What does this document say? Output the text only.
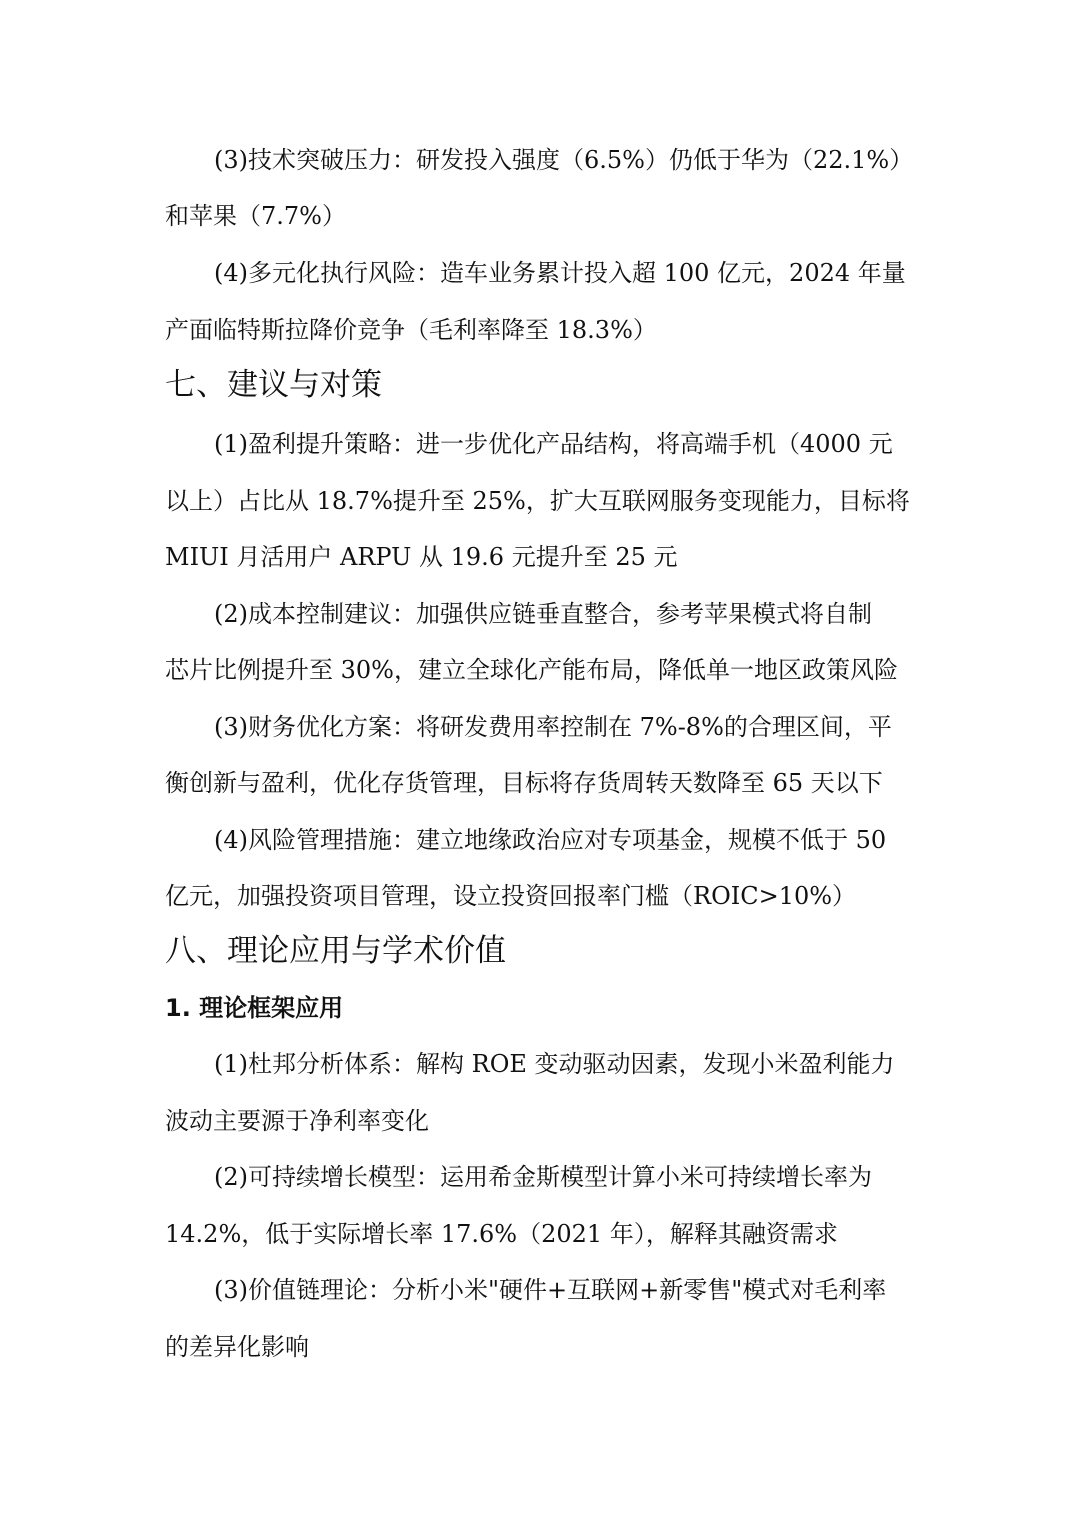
(3)技术突破压力：研发投入强度（6.5%）仍低于华为（22.1%）

和苹果（7.7%）

(4)多元化执行风险：造车业务累计投入超 100 亿元，2024 年量

产面临特斯拉降价竞争（毛利率降至 18.3%）

七、建议与对策

(1)盈利提升策略：进一步优化产品结构，将高端手机（4000 元

以上）占比从 18.7%提升至 25%，扩大互联网服务变现能力，目标将

MIUI 月活用户 ARPU 从 19.6 元提升至 25 元

(2)成本控制建议：加强供应链垂直整合，参考苹果模式将自制

芯片比例提升至 30%，建立全球化产能布局，降低单一地区政策风险

(3)财务优化方案：将研发费用率控制在 7%-8%的合理区间，平

衡创新与盈利，优化存货管理，目标将存货周转天数降至 65 天以下

(4)风险管理措施：建立地缘政治应对专项基金，规模不低于 50

亿元，加强投资项目管理，设立投资回报率门槛（ROIC>10%）

八、理论应用与学术价值
1. 理论框架应用

(1)杜邦分析体系：解构 ROE 变动驱动因素，发现小米盈利能力

波动主要源于净利率变化

(2)可持续增长模型：运用希金斯模型计算小米可持续增长率为

14.2%，低于实际增长率 17.6%（2021 年），解释其融资需求

(3)价值链理论：分析小米"硬件+互联网+新零售"模式对毛利率

的差异化影响
